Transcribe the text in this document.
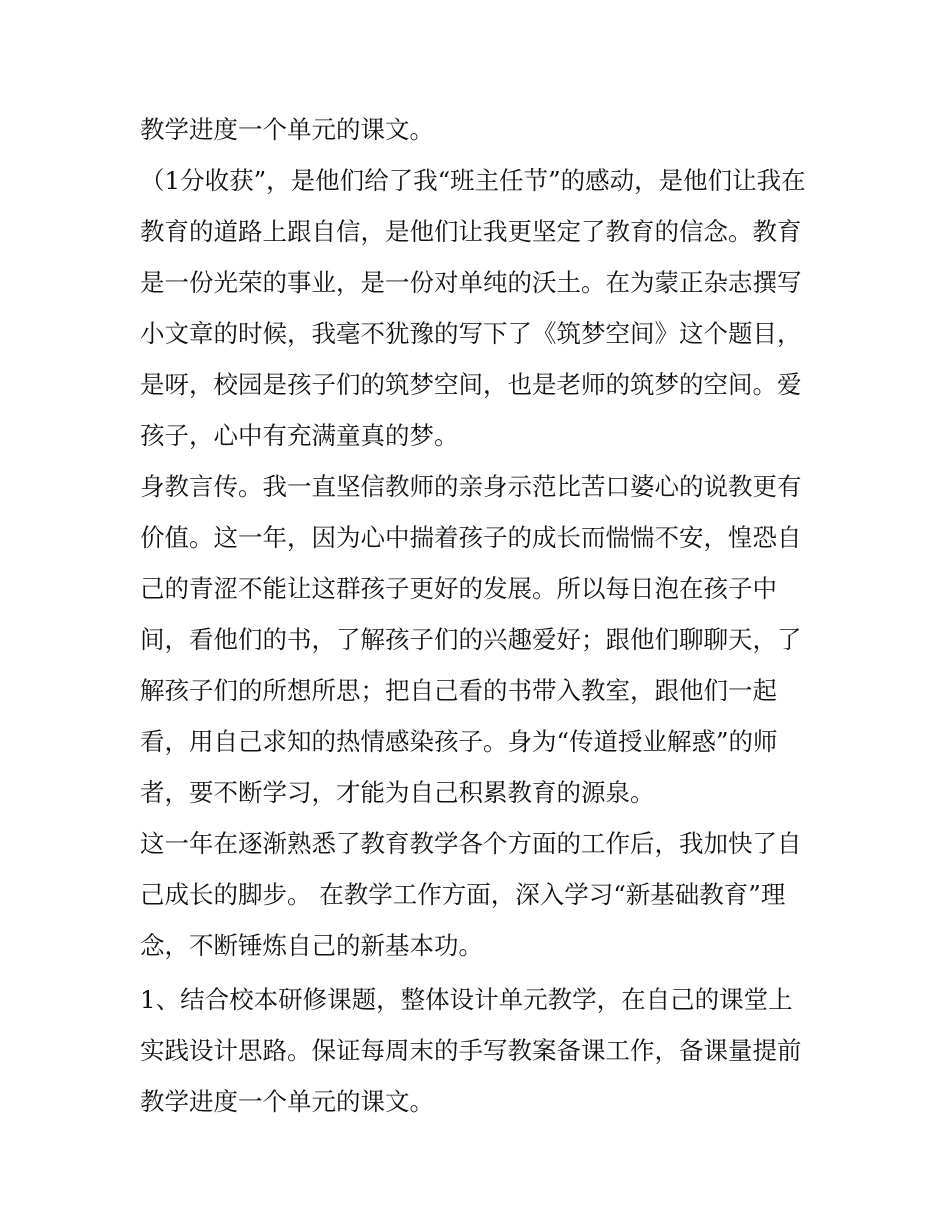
教学进度一个单元的课文。
（1分收获”，是他们给了我“班主任节”的感动，是他们让我在
教育的道路上跟自信，是他们让我更坚定了教育的信念。教育
是一份光荣的事业，是一份对单纯的沃土。在为蒙正杂志撰写
小文章的时候，我毫不犹豫的写下了《筑梦空间》这个题目，
是呀，校园是孩子们的筑梦空间，也是老师的筑梦的空间。爱
孩子，心中有充满童真的梦。
身教言传。我一直坚信教师的亲身示范比苦口婆心的说教更有
价值。这一年，因为心中揣着孩子的成长而惴惴不安，惶恐自
己的青涩不能让这群孩子更好的发展。所以每日泡在孩子中
间，看他们的书，了解孩子们的兴趣爱好；跟他们聊聊天，了
解孩子们的所想所思；把自己看的书带入教室，跟他们一起
看，用自己求知的热情感染孩子。身为“传道授业解惑”的师
者，要不断学习，才能为自己积累教育的源泉。
这一年在逐渐熟悉了教育教学各个方面的工作后，我加快了自
己成长的脚步。 在教学工作方面，深入学习“新基础教育”理
念，不断锤炼自己的新基本功。
1、结合校本研修课题，整体设计单元教学，在自己的课堂上
实践设计思路。保证每周末的手写教案备课工作，备课量提前
教学进度一个单元的课文。
